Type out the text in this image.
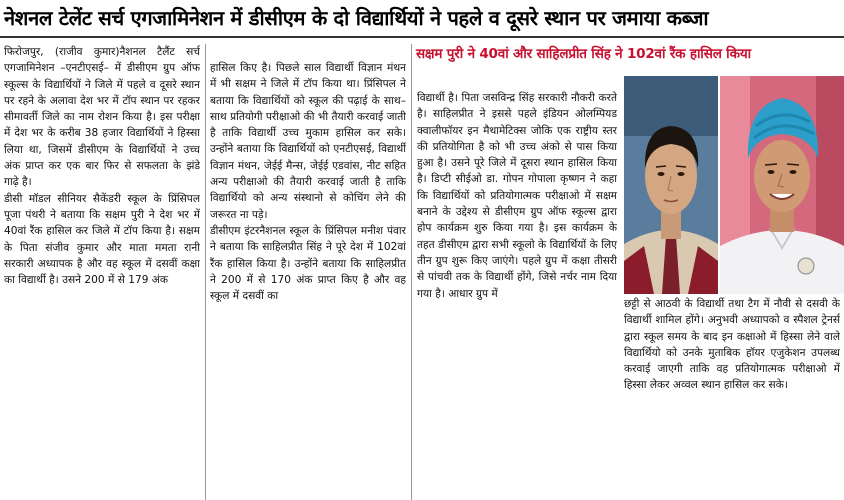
नेशनल टेलेंट सर्च एगजामिनेशन में डीसीएम के दो विद्यार्थियों ने पहले व दूसरे स्थान पर जमाया कब्जा

फिरोजपुर, (राजीव कुमार)नैशनल टैलैंट सर्च एगजामिनेशन –एनटीएसई– में डीसीएम ग्रुप ऑफ स्कूल्स के विद्यार्थियों ने जिले में पहले व दूसरे स्थान पर रहने के अलावा देश भर में टॉप स्थान पर रहकर सीमावर्ती जिले का नाम रोशन किया है। इस परीक्षा में देश भर के करीब 38 हजार विद्यार्थियों ने हिस्सा लिया था, जिसमें डीसीएम के विद्यार्थियों ने उच्च अंक प्राप्त कर एक बार फिर से सफलता के झंडे गाढ़े है।

डीसी मॉडल सीनियर सैकेंडरी स्कूल के प्रिंसिपल पूजा पंथरी ने बताया कि सक्षम पुरी ने देश भर में 40वां रैंक हासिल कर जिले में टॉप किया है। सक्षम के पिता संजीव कुमार और माता ममता रानी सरकारी अध्यापक है और वह स्कूल में दसवीं कक्षा का विद्यार्थी है। उसने 200 में से 179 अंक

हासिल किए है। पिछले साल विद्यार्थी विज्ञान मंथन में भी सक्षम ने जिले में टॉप किया था। प्रिंसिपल ने बताया कि विद्यार्थियों को स्कूल की पढ़ाई के साथ–साथ प्रतियोगी परीक्षाओ की भी तैयारी करवाई जाती है ताकि विद्यार्थी उच्च मुकाम हासिल कर सके। उन्होंने बताया कि विद्यार्थियों को एनटीएसई, विद्यार्थी विज्ञान मंथन, जेईई मैन्स, जेईई एडवांस, नीट सहित अन्य परीक्षाओ की तैयारी करवाई जाती है ताकि विद्यार्थियो को अन्य संस्थानो से कोचिंग लेने की जरूरत ना पड़े।

डीसीएम इंटरनैशनल स्कूल के प्रिंसिपल मनीश पंवार ने बताया कि साहिलप्रीत सिंह ने पूरे देश में 102वां रैंक हासिल किया है। उन्होंने बताया कि साहिलप्रीत ने 200 में से 170 अंक प्राप्त किए है और वह स्कूल में दसवीं का

सक्षम पुरी ने 40वां और साहिलप्रीत सिंह ने 102वां रैंक हासिल किया

विद्यार्थी है। पिता जसविन्द्र सिंह सरकारी नौकरी करते है। साहिलप्रीत ने इससे पहले इंडियन ओलम्पियड क्वालीफॉयर इन मैथामेटिक्स जोकि एक राष्ट्रीय स्तर की प्रतियोगिता है को भी उच्च अंको से पास किया हुआ है। उसने पूरे जिले में दूसरा स्थान हासिल किया है। डिप्टी सीईओ डा. गोपन गोपाला कृष्णन ने कहा कि विद्यार्थियों को प्रतियोगात्मक परीक्षाओ में सक्षम बनाने के उद्देश्य से डीसीएम ग्रुप ऑफ स्कूल्स द्वारा होप कार्यक्रम शुरु किया गया है। इस कार्यक्रम के तहत डीसीएम द्वारा सभी स्कूलो के विद्यार्थियों के लिए तीन ग्रुप शुरू किए जाएंगे। पहले ग्रुप में कक्षा तीसरी से पांचवी तक के विद्यार्थी होंगे, जिसे नर्चर नाम दिया गया है। आधार ग्रुप में

छट्टी से आठवी के विद्यार्थी तथा टैग में नौवी से दसवी के विद्यार्थी शामिल होंगे। अनुभवी अध्यापको व स्पैशल ट्रेनर्स द्वारा स्कूल समय के बाद इन कक्षाओ में हिस्सा लेने वाले विद्यार्थियो को उनके मुताबिक हॉयर एजुकेशन उपलब्ध करवाई जाएगी ताकि वह प्रतियोगात्मक परीक्षाओ में हिस्सा लेकर अव्वल स्थान हासिल कर सके।
